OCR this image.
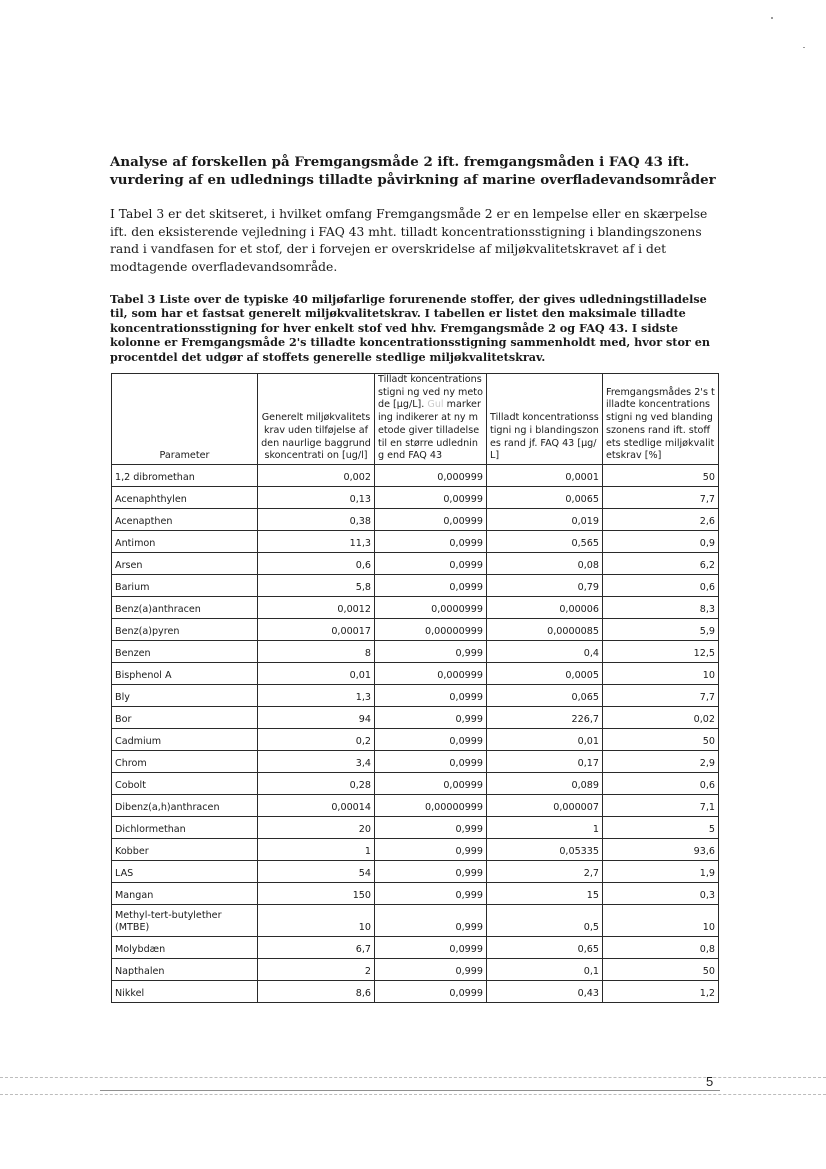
Analyse af forskellen på Fremgangsmåde 2 ift. fremgangsmåden i FAQ 43 ift. vurdering af en udlednings tilladte påvirkning af marine overfladevandsområder

I Tabel 3 er det skitseret, i hvilket omfang Fremgangsmåde 2 er en lempelse eller en skærpelse ift. den eksisterende vejledning i FAQ 43 mht. tilladt koncentrationsstigning i blandingszonens rand i vandfasen for et stof, der i forvejen er overskridelse af miljøkvalitetskravet af i det modtagende overfladevandsområde.

Tabel 3 Liste over de typiske 40 miljøfarlige forurenende stoffer, der gives udledningstilladelse til, som har et fastsat generelt miljøkvalitetskrav. I tabellen er listet den maksimale tilladte koncentrationsstigning for hver enkelt stof ved hhv. Fremgangsmåde 2 og FAQ 43. I sidste kolonne er Fremgangsmåde 2's tilladte koncentrationsstigning sammenholdt med, hvor stor en procentdel det udgør af stoffets generelle stedlige miljøkvalitetskrav.

Parameter	Generelt miljøkvalitetskrav uden tilføjelse af den naurlige baggrundskoncentrati on [ug/l]	Tilladt koncentrationsstigni ng ved ny metode [µg/L]. Gul markering indikerer at ny metode giver tilladelse til en større udledning end FAQ 43	Tilladt koncentrationsstigni ng i blandingszones rand jf. FAQ 43 [µg/L]	Fremgangsmådes 2's tilladte koncentrationsstigni ng ved blandingszonens rand ift. stoffets stedlige miljøkvalitetskrav [%]
1,2 dibromethan	0,002	0,000999	0,0001	50
Acenaphthylen	0,13	0,00999	0,0065	7,7
Acenapthen	0,38	0,00999	0,019	2,6
Antimon	11,3	0,0999	0,565	0,9
Arsen	0,6	0,0999	0,08	6,2
Barium	5,8	0,0999	0,79	0,6
Benz(a)anthracen	0,0012	0,0000999	0,00006	8,3
Benz(a)pyren	0,00017	0,00000999	0,0000085	5,9
Benzen	8	0,999	0,4	12,5
Bisphenol A	0,01	0,000999	0,0005	10
Bly	1,3	0,0999	0,065	7,7
Bor	94	0,999	226,7	0,02
Cadmium	0,2	0,0999	0,01	50
Chrom	3,4	0,0999	0,17	2,9
Cobolt	0,28	0,00999	0,089	0,6
Dibenz(a,h)anthracen	0,00014	0,00000999	0,000007	7,1
Dichlormethan	20	0,999	1	5
Kobber	1	0,999	0,05335	93,6
LAS	54	0,999	2,7	1,9
Mangan	150	0,999	15	0,3
Methyl-tert-butylether (MTBE)	10	0,999	0,5	10
Molybdæn	6,7	0,0999	0,65	0,8
Napthalen	2	0,999	0,1	50
Nikkel	8,6	0,0999	0,43	1,2
5
